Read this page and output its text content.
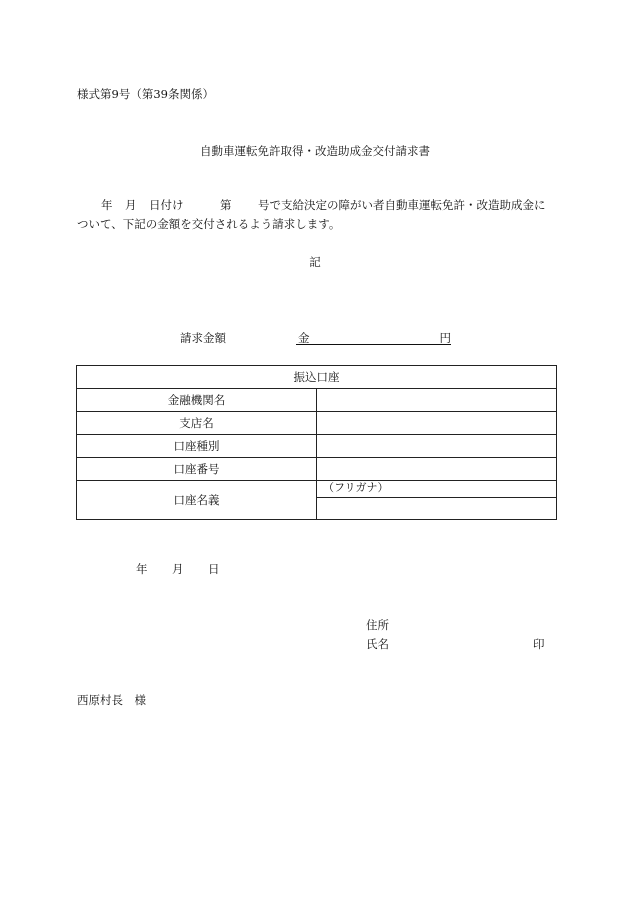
様式第9号（第39条関係）
自動車運転免許取得・改造助成金交付請求書
年 月 日付け	第 号で支給決定の障がい者自動車運転免許・改造助成金に
ついて、下記の金額を交付されるよう請求します。
記
請求金額	金	円
振込口座	
金融機関名	
支店名	
口座種別	
口座番号	
口座名義	（フリガナ）

年 月 日
住所
氏名	印
西原村長　様
